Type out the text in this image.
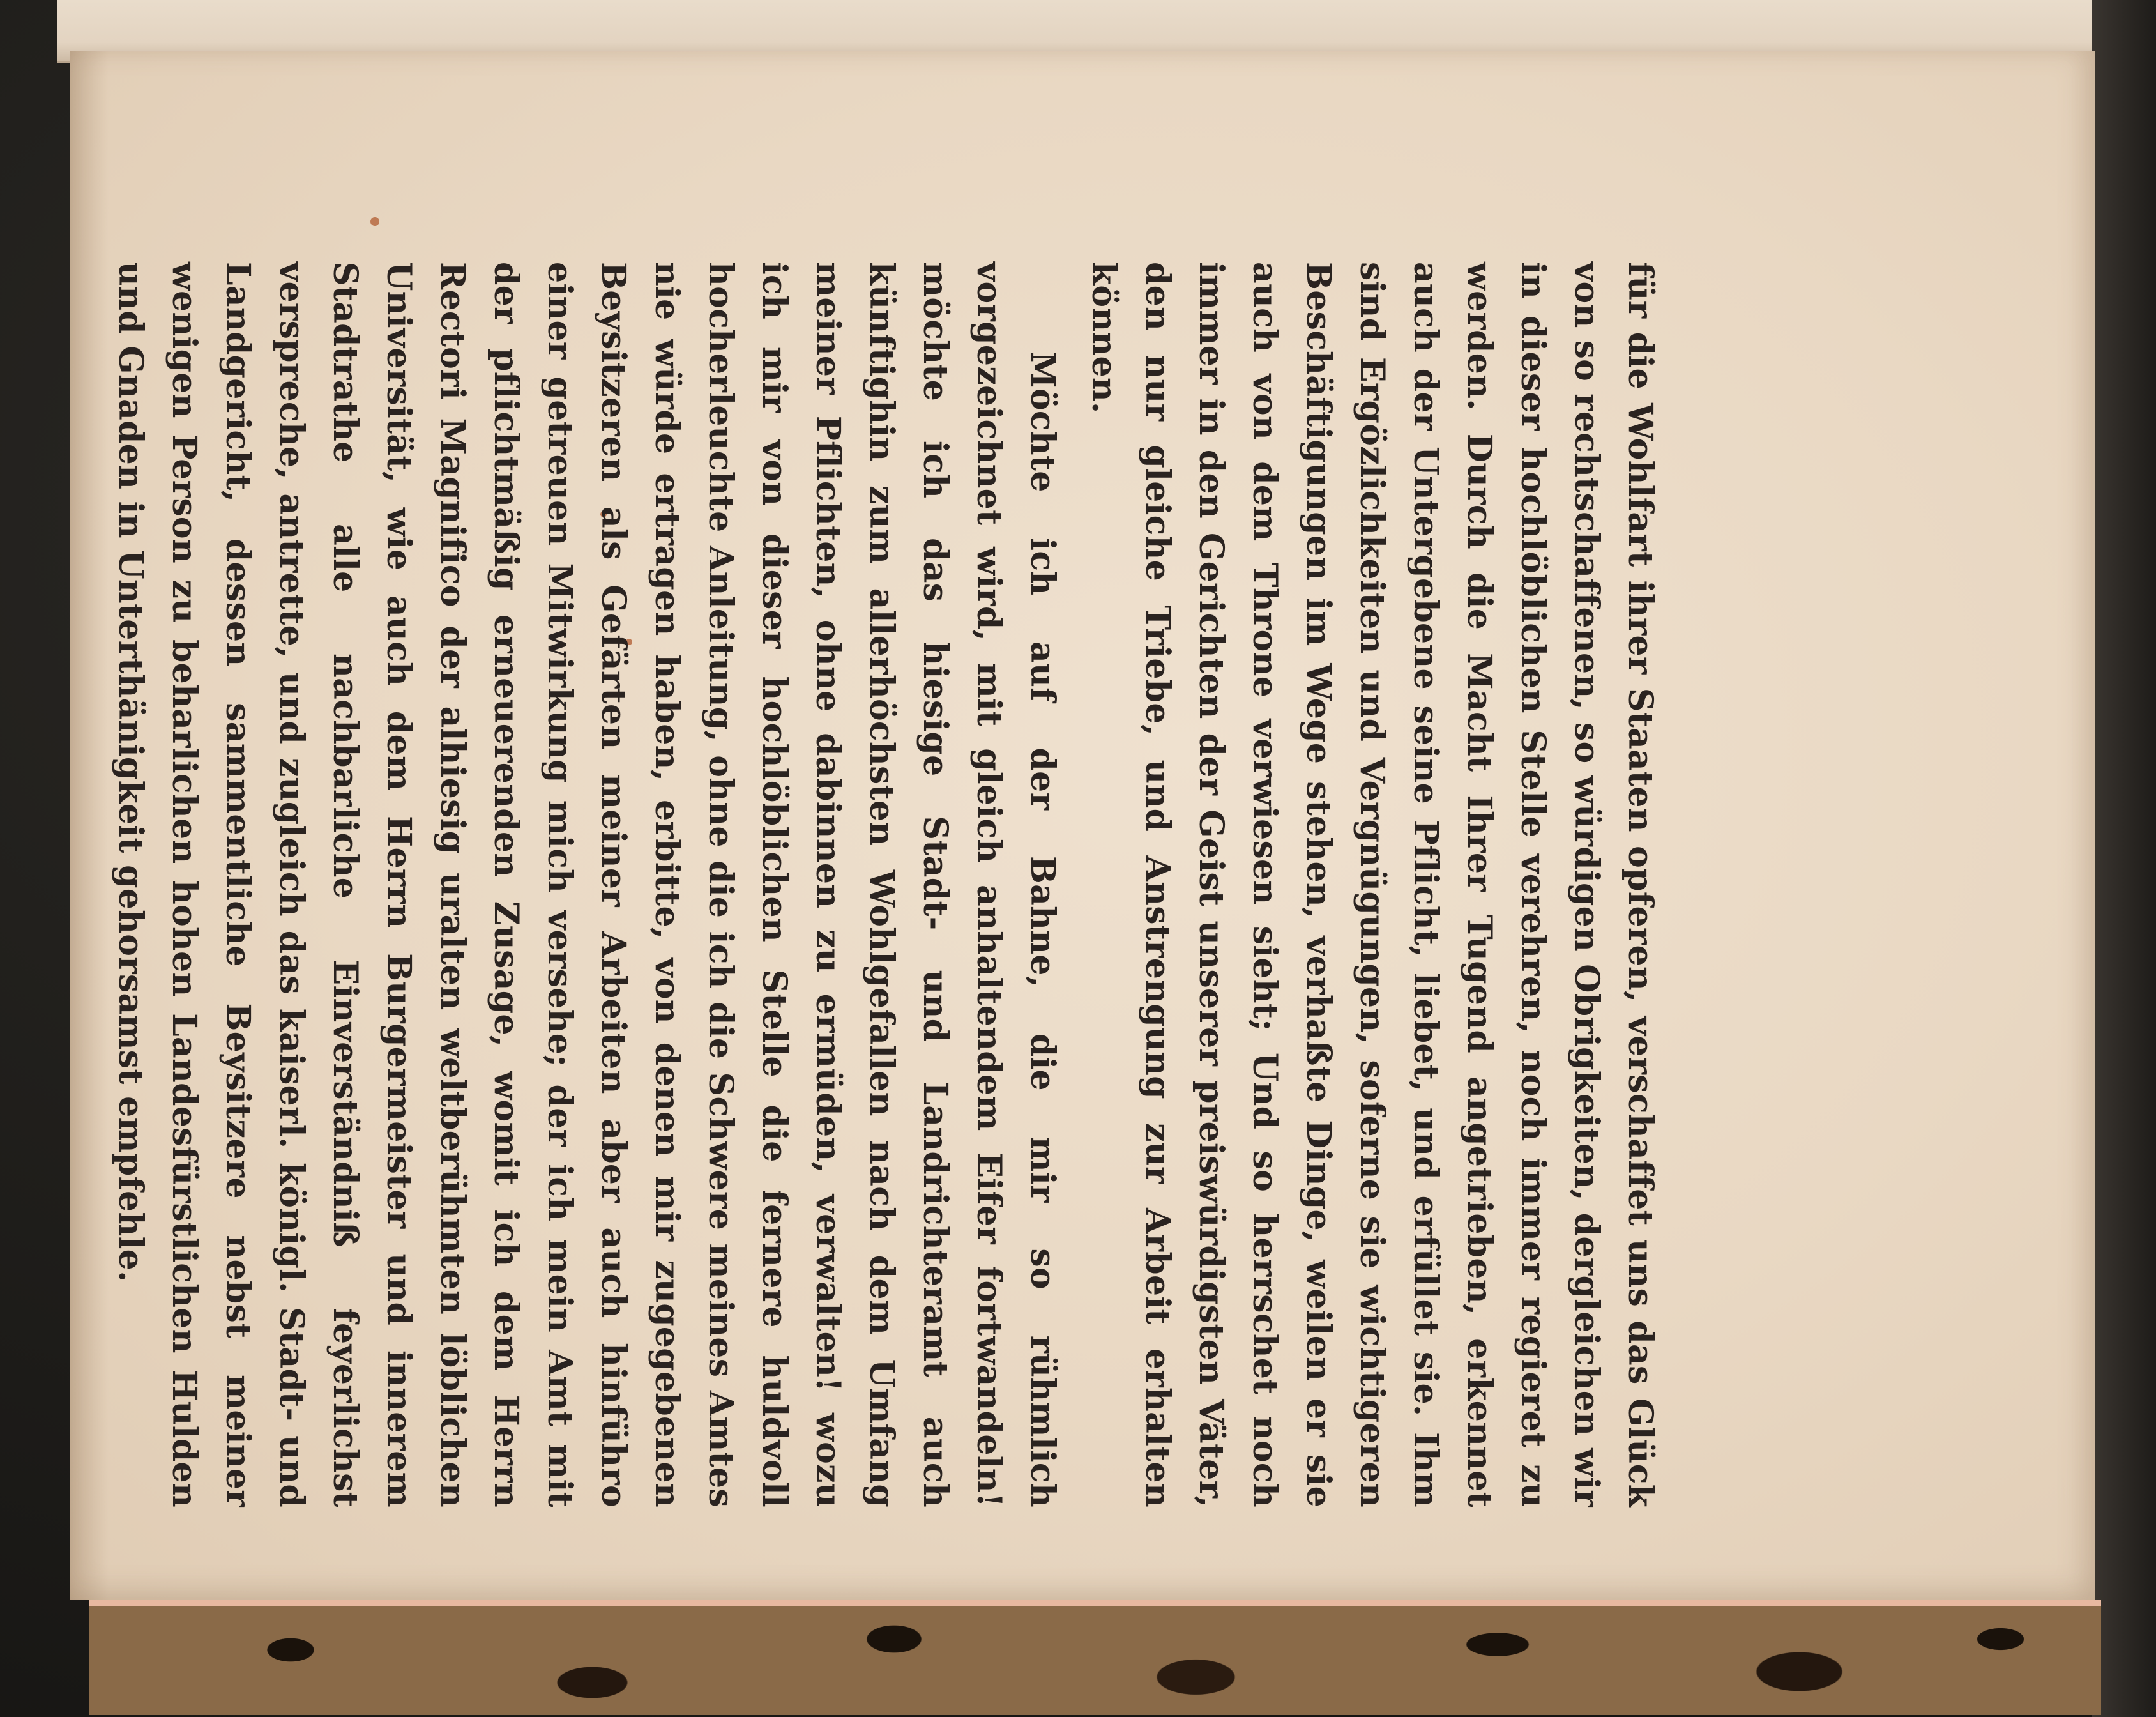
für die Wohlfart ihrer Staaten opferen, verschaffet uns das Glück von so rechtschaffenen, so würdigen Obrigkeiten, dergleichen wir in dieser hochlöblichen Stelle verehren, noch immer regieret zu werden. Durch die Macht Ihrer Tugend angetrieben, erkennet auch der Untergebene seine Pflicht, liebet, und erfüllet sie. Ihm sind Ergözlichkeiten und Vergnügungen, soferne sie wichtigeren Beschäftigungen im Wege stehen, verhaßte Dinge, weilen er sie auch von dem Throne verwiesen sieht; Und so herrschet noch immer in den Gerichten der Geist unserer preiswürdigsten Väter, den nur gleiche Triebe, und Anstrengung zur Arbeit erhalten können.

Möchte ich auf der Bahne, die mir so rühmlich vorgezeichnet wird, mit gleich anhaltendem Eifer fortwandeln! möchte ich das hiesige Stadt- und Landrichteramt auch künftighin zum allerhöchsten Wohlgefallen nach dem Umfang meiner Pflichten, ohne dabinnen zu ermüden, verwalten! wozu ich mir von dieser hochlöblichen Stelle die fernere huldvoll hocherleuchte Anleitung, ohne die ich die Schwere meines Amtes nie würde ertragen haben, erbitte, von denen mir zugegebenen Beysitzeren als Gefärten meiner Arbeiten aber auch hinführo einer getreuen Mitwirkung mich versehe; der ich mein Amt mit der pflichtmäßig erneuerenden Zusage, womit ich dem Herrn Rectori Magnifico der alhiesig uralten weltberühmten löblichen Universität, wie auch dem Herrn Burgermeister und innerem Stadtrathe alle nachbarliche Einverständniß feyerlichst verspreche, antrette, und zugleich das kaiserl. königl. Stadt- und Landgericht, dessen sammentliche Beysitzere nebst meiner wenigen Person zu beharlichen hohen Landesfürstlichen Hulden und Gnaden in Unterthänigkeit gehorsamst empfehle.
